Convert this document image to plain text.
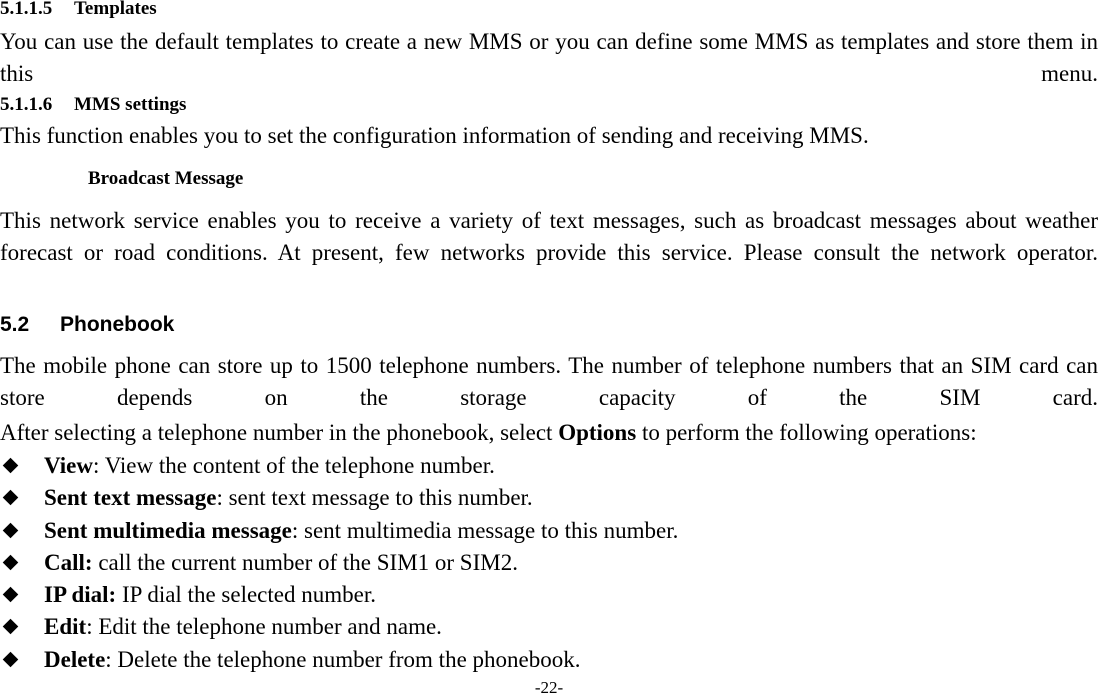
5.1.1.5 Templates
You can use the default templates to create a new MMS or you can define some MMS as templates and store them in this menu.
5.1.1.6 MMS settings
This function enables you to set the configuration information of sending and receiving MMS.
Broadcast Message
This network service enables you to receive a variety of text messages, such as broadcast messages about weather forecast or road conditions. At present, few networks provide this service. Please consult the network operator.
5.2 Phonebook
The mobile phone can store up to 1500 telephone numbers. The number of telephone numbers that an SIM card can store depends on the storage capacity of the SIM card.
After selecting a telephone number in the phonebook, select Options to perform the following operations:
View: View the content of the telephone number.
Sent text message: sent text message to this number.
Sent multimedia message: sent multimedia message to this number.
Call: call the current number of the SIM1 or SIM2.
IP dial: IP dial the selected number.
Edit: Edit the telephone number and name.
Delete: Delete the telephone number from the phonebook.
-22-
